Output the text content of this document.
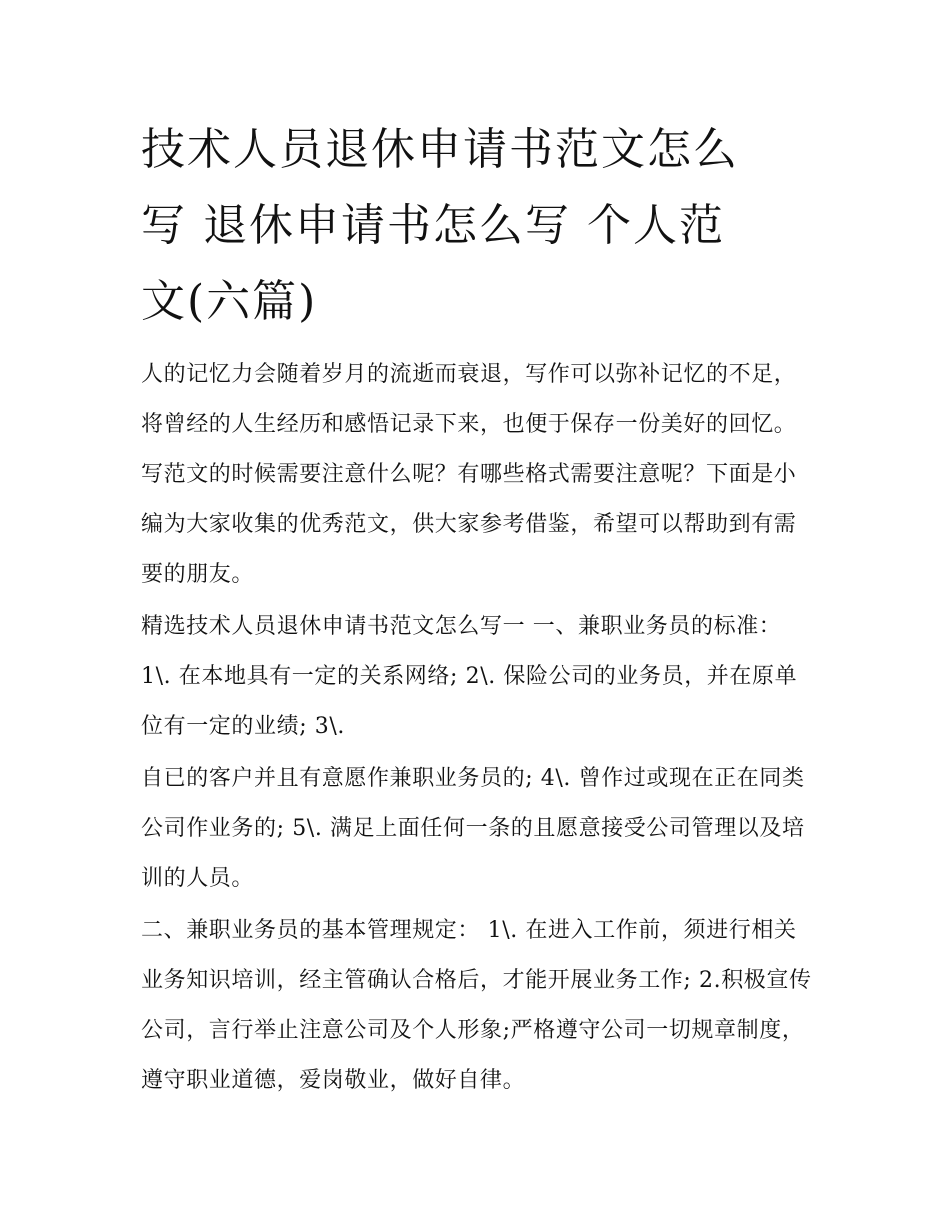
技术人员退休申请书范文怎么
写 退休申请书怎么写 个人范
文(六篇)

人的记忆力会随着岁月的流逝而衰退，写作可以弥补记忆的不足，将曾经的人生经历和感悟记录下来，也便于保存一份美好的回忆。写范文的时候需要注意什么呢？有哪些格式需要注意呢？下面是小编为大家收集的优秀范文，供大家参考借鉴，希望可以帮助到有需要的朋友。

精选技术人员退休申请书范文怎么写一 一、兼职业务员的标准： 1\. 在本地具有一定的关系网络; 2\. 保险公司的业务员，并在原单位有一定的业绩; 3\.

自已的客户并且有意愿作兼职业务员的; 4\. 曾作过或现在正在同类公司作业务的; 5\. 满足上面任何一条的且愿意接受公司管理以及培训的人员。

二、兼职业务员的基本管理规定： 1\. 在进入工作前，须进行相关业务知识培训，经主管确认合格后，才能开展业务工作; 2.积极宣传公司，言行举止注意公司及个人形象;严格遵守公司一切规章制度，遵守职业道德，爱岗敬业，做好自律。
